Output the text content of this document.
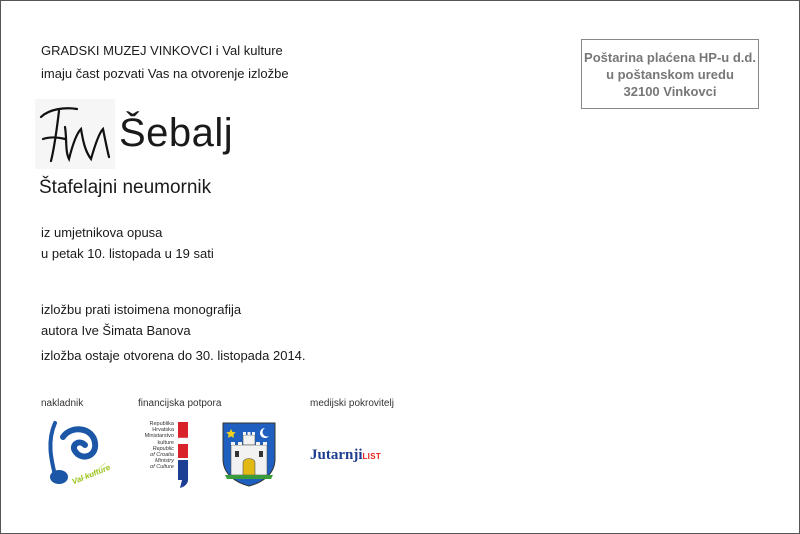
GRADSKI MUZEJ VINKOVCI i Val kulture
imaju čast pozvati Vas na otvorenje izložbe
Poštarina plaćena HP-u d.d.
u poštanskom uredu
32100 Vinkovci
Šebalj
Štafelajni neumornik
iz umjetnikova opusa
u petak 10. listopada u 19 sati
izložbu prati istoimena monografija
autora Ive Šimata Banova
izložba ostaje otvorena do 30. listopada 2014.
nakladnik	financijska potpora	medijski pokrovitelj
Val kulture
Republika
Hrvatska
Ministarstvo
kulture
Republic
of Croatia
Ministry
of Culture
JutarnjiLIST
